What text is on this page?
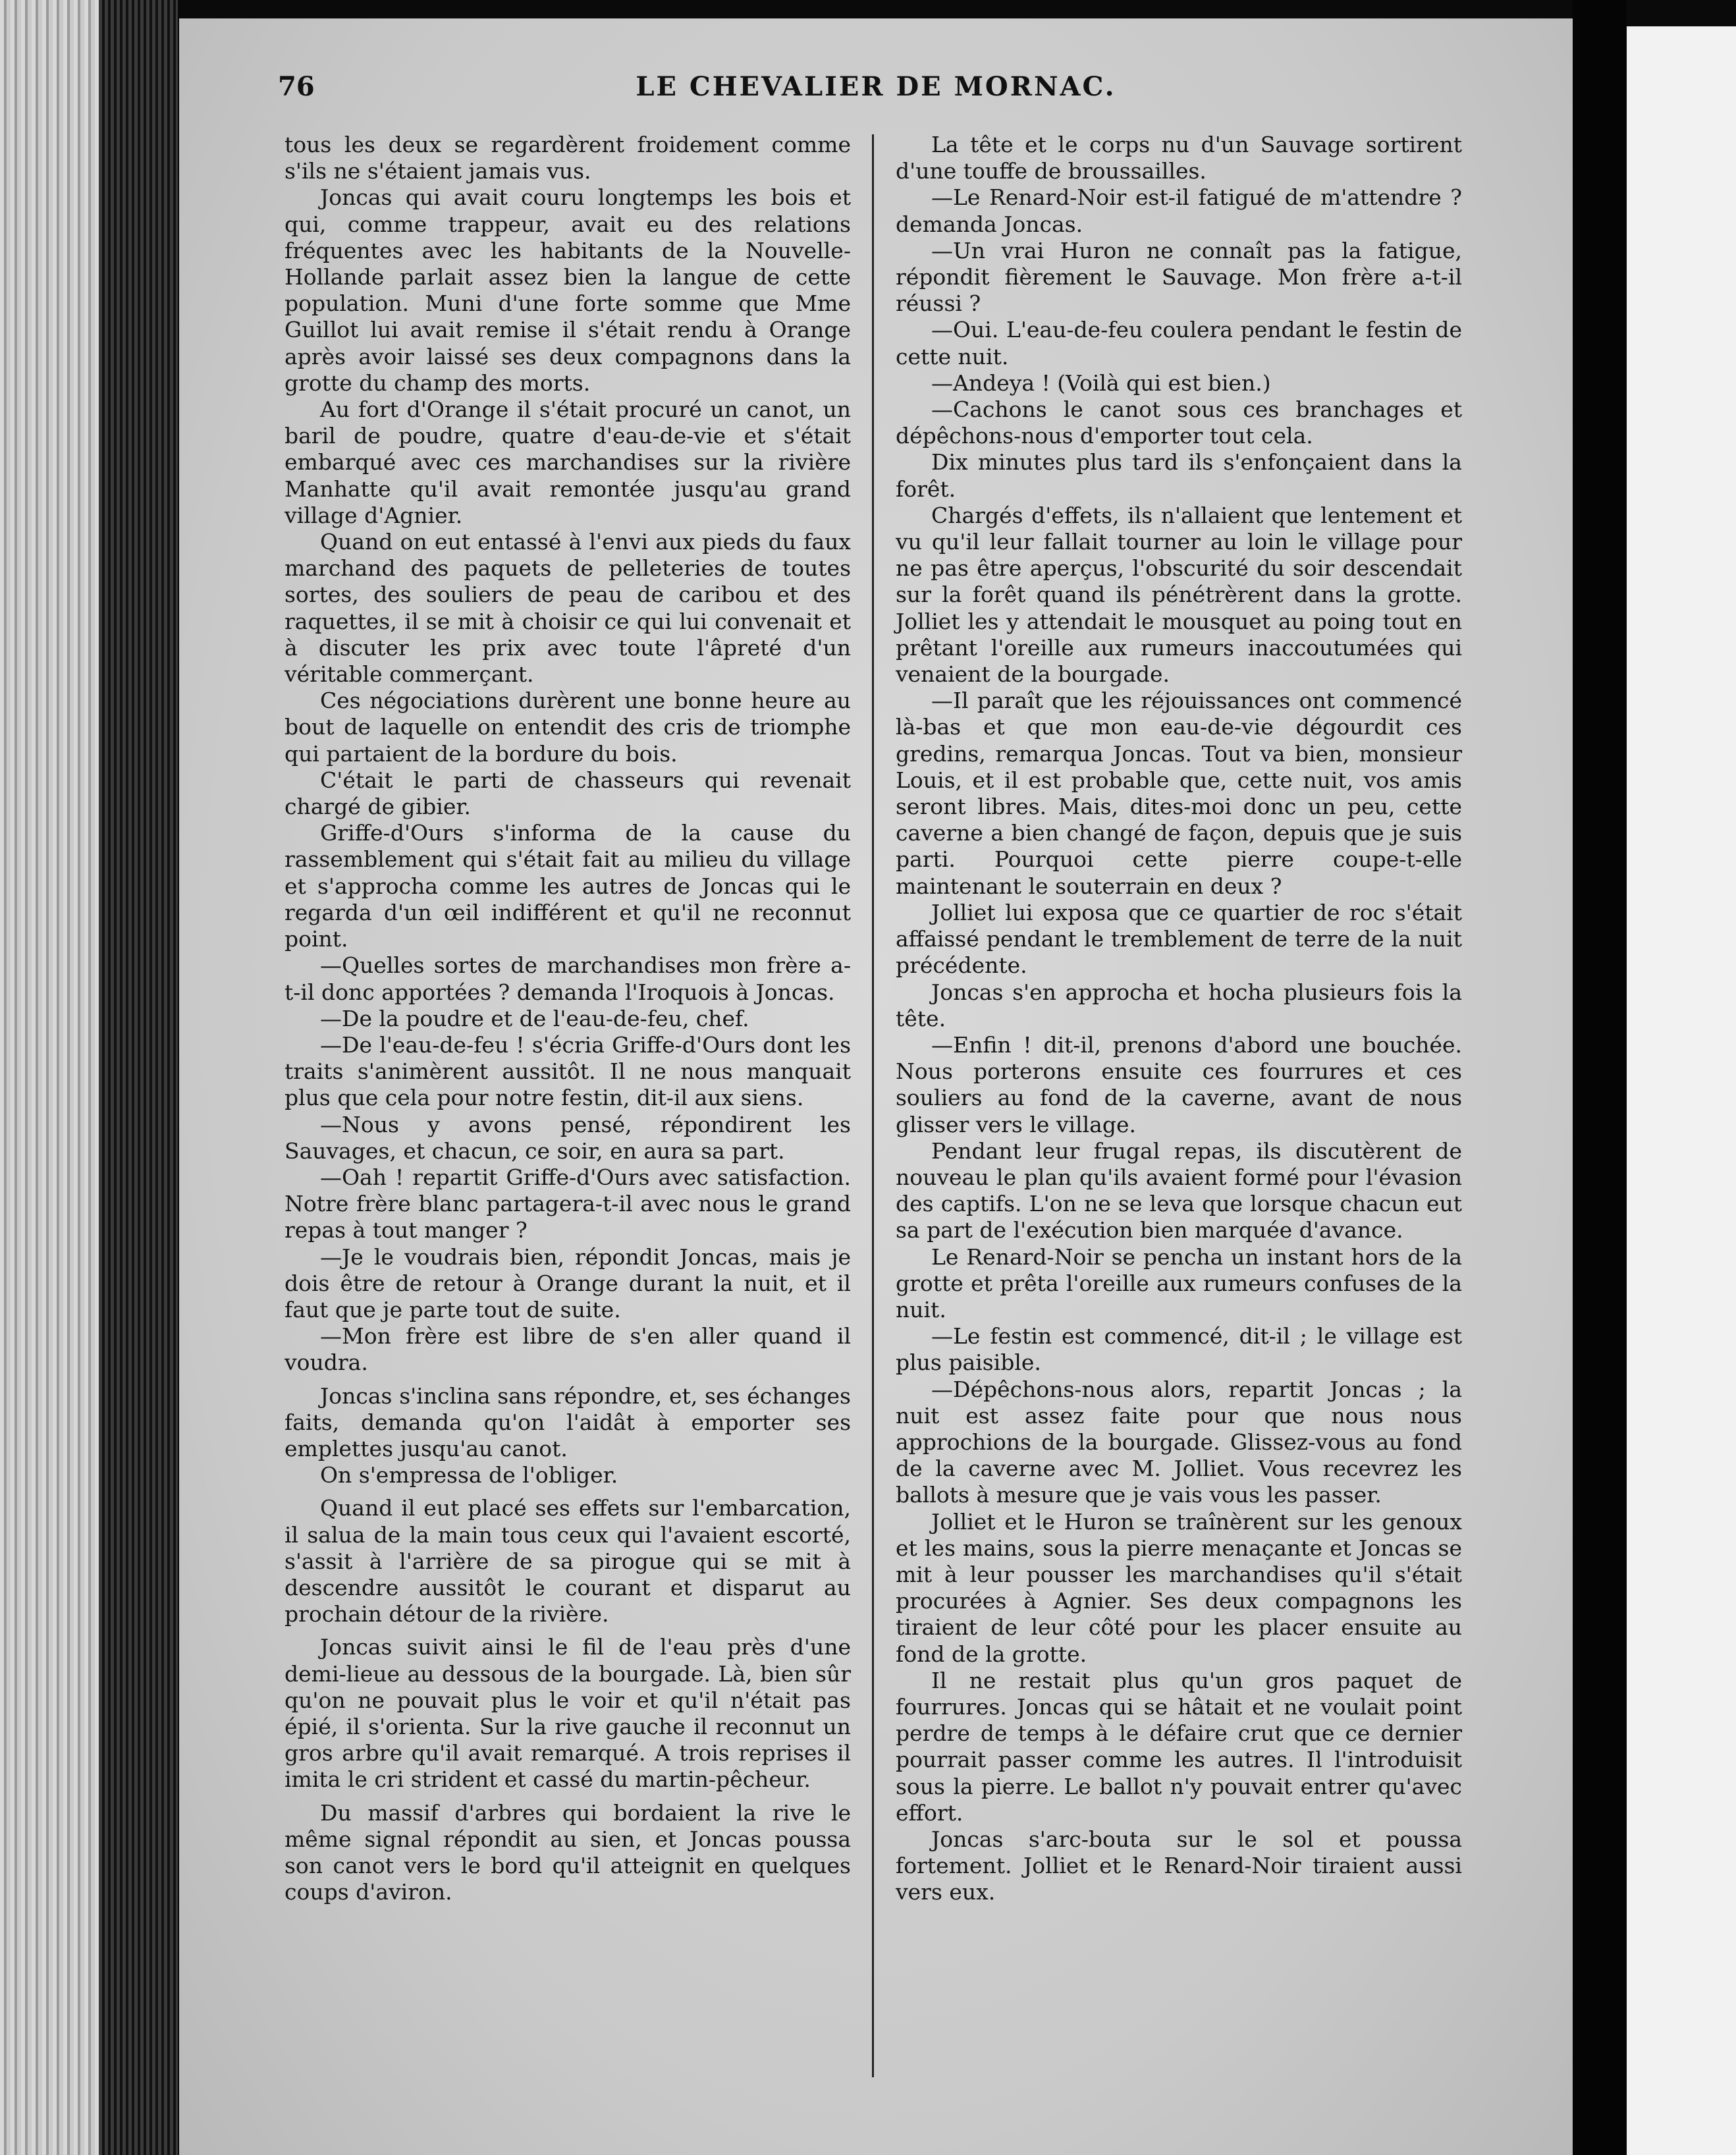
76	LE CHEVALIER DE MORNAC.

tous les deux se regardèrent froidement comme s'ils ne s'étaient jamais vus.

Joncas qui avait couru longtemps les bois et qui, comme trappeur, avait eu des relations fréquentes avec les habitants de la Nouvelle-Hollande parlait assez bien la langue de cette population. Muni d'une forte somme que Mme Guillot lui avait remise il s'était rendu à Orange après avoir laissé ses deux compagnons dans la grotte du champ des morts.

Au fort d'Orange il s'était procuré un canot, un baril de poudre, quatre d'eau-de-vie et s'était embarqué avec ces marchandises sur la rivière Manhatte qu'il avait remontée jusqu'au grand village d'Agnier.

Quand on eut entassé à l'envi aux pieds du faux marchand des paquets de pelleteries de toutes sortes, des souliers de peau de caribou et des raquettes, il se mit à choisir ce qui lui convenait et à discuter les prix avec toute l'âpreté d'un véritable commerçant.

Ces négociations durèrent une bonne heure au bout de laquelle on entendit des cris de triomphe qui partaient de la bordure du bois.

C'était le parti de chasseurs qui revenait chargé de gibier.

Griffe-d'Ours s'informa de la cause du rassemblement qui s'était fait au milieu du village et s'approcha comme les autres de Joncas qui le regarda d'un œil indifférent et qu'il ne reconnut point.

—Quelles sortes de marchandises mon frère a-t-il donc apportées ? demanda l'Iroquois à Joncas.

—De la poudre et de l'eau-de-feu, chef.

—De l'eau-de-feu ! s'écria Griffe-d'Ours dont les traits s'animèrent aussitôt. Il ne nous manquait plus que cela pour notre festin, dit-il aux siens.

—Nous y avons pensé, répondirent les Sauvages, et chacun, ce soir, en aura sa part.

—Oah ! repartit Griffe-d'Ours avec satisfaction. Notre frère blanc partagera-t-il avec nous le grand repas à tout manger ?

—Je le voudrais bien, répondit Joncas, mais je dois être de retour à Orange durant la nuit, et il faut que je parte tout de suite.

—Mon frère est libre de s'en aller quand il voudra.

Joncas s'inclina sans répondre, et, ses échanges faits, demanda qu'on l'aidât à emporter ses emplettes jusqu'au canot.

On s'empressa de l'obliger.

Quand il eut placé ses effets sur l'embarcation, il salua de la main tous ceux qui l'avaient escorté, s'assit à l'arrière de sa pirogue qui se mit à descendre aussitôt le courant et disparut au prochain détour de la rivière.

Joncas suivit ainsi le fil de l'eau près d'une demi-lieue au dessous de la bourgade. Là, bien sûr qu'on ne pouvait plus le voir et qu'il n'était pas épié, il s'orienta. Sur la rive gauche il reconnut un gros arbre qu'il avait remarqué. A trois reprises il imita le cri strident et cassé du martin-pêcheur.

Du massif d'arbres qui bordaient la rive le même signal répondit au sien, et Joncas poussa son canot vers le bord qu'il atteignit en quelques coups d'aviron.

La tête et le corps nu d'un Sauvage sortirent d'une touffe de broussailles.

—Le Renard-Noir est-il fatigué de m'attendre ? demanda Joncas.

—Un vrai Huron ne connaît pas la fatigue, répondit fièrement le Sauvage. Mon frère a-t-il réussi ?

—Oui. L'eau-de-feu coulera pendant le festin de cette nuit.

—Andeya ! (Voilà qui est bien.)

—Cachons le canot sous ces branchages et dépêchons-nous d'emporter tout cela.

Dix minutes plus tard ils s'enfonçaient dans la forêt.

Chargés d'effets, ils n'allaient que lentement et vu qu'il leur fallait tourner au loin le village pour ne pas être aperçus, l'obscurité du soir descendait sur la forêt quand ils pénétrèrent dans la grotte. Jolliet les y attendait le mousquet au poing tout en prêtant l'oreille aux rumeurs inaccoutumées qui venaient de la bourgade.

—Il paraît que les réjouissances ont commencé là-bas et que mon eau-de-vie dégourdit ces gredins, remarqua Joncas. Tout va bien, monsieur Louis, et il est probable que, cette nuit, vos amis seront libres. Mais, dites-moi donc un peu, cette caverne a bien changé de façon, depuis que je suis parti. Pourquoi cette pierre coupe-t-elle maintenant le souterrain en deux ?

Jolliet lui exposa que ce quartier de roc s'était affaissé pendant le tremblement de terre de la nuit précédente.

Joncas s'en approcha et hocha plusieurs fois la tête.

—Enfin ! dit-il, prenons d'abord une bouchée. Nous porterons ensuite ces fourrures et ces souliers au fond de la caverne, avant de nous glisser vers le village.

Pendant leur frugal repas, ils discutèrent de nouveau le plan qu'ils avaient formé pour l'évasion des captifs. L'on ne se leva que lorsque chacun eut sa part de l'exécution bien marquée d'avance.

Le Renard-Noir se pencha un instant hors de la grotte et prêta l'oreille aux rumeurs confuses de la nuit.

—Le festin est commencé, dit-il ; le village est plus paisible.

—Dépêchons-nous alors, repartit Joncas ; la nuit est assez faite pour que nous nous approchions de la bourgade. Glissez-vous au fond de la caverne avec M. Jolliet. Vous recevrez les ballots à mesure que je vais vous les passer.

Jolliet et le Huron se traînèrent sur les genoux et les mains, sous la pierre menaçante et Joncas se mit à leur pousser les marchandises qu'il s'était procurées à Agnier. Ses deux compagnons les tiraient de leur côté pour les placer ensuite au fond de la grotte.

Il ne restait plus qu'un gros paquet de fourrures. Joncas qui se hâtait et ne voulait point perdre de temps à le défaire crut que ce dernier pourrait passer comme les autres. Il l'introduisit sous la pierre. Le ballot n'y pouvait entrer qu'avec effort.

Joncas s'arc-bouta sur le sol et poussa fortement. Jolliet et le Renard-Noir tiraient aussi vers eux.
